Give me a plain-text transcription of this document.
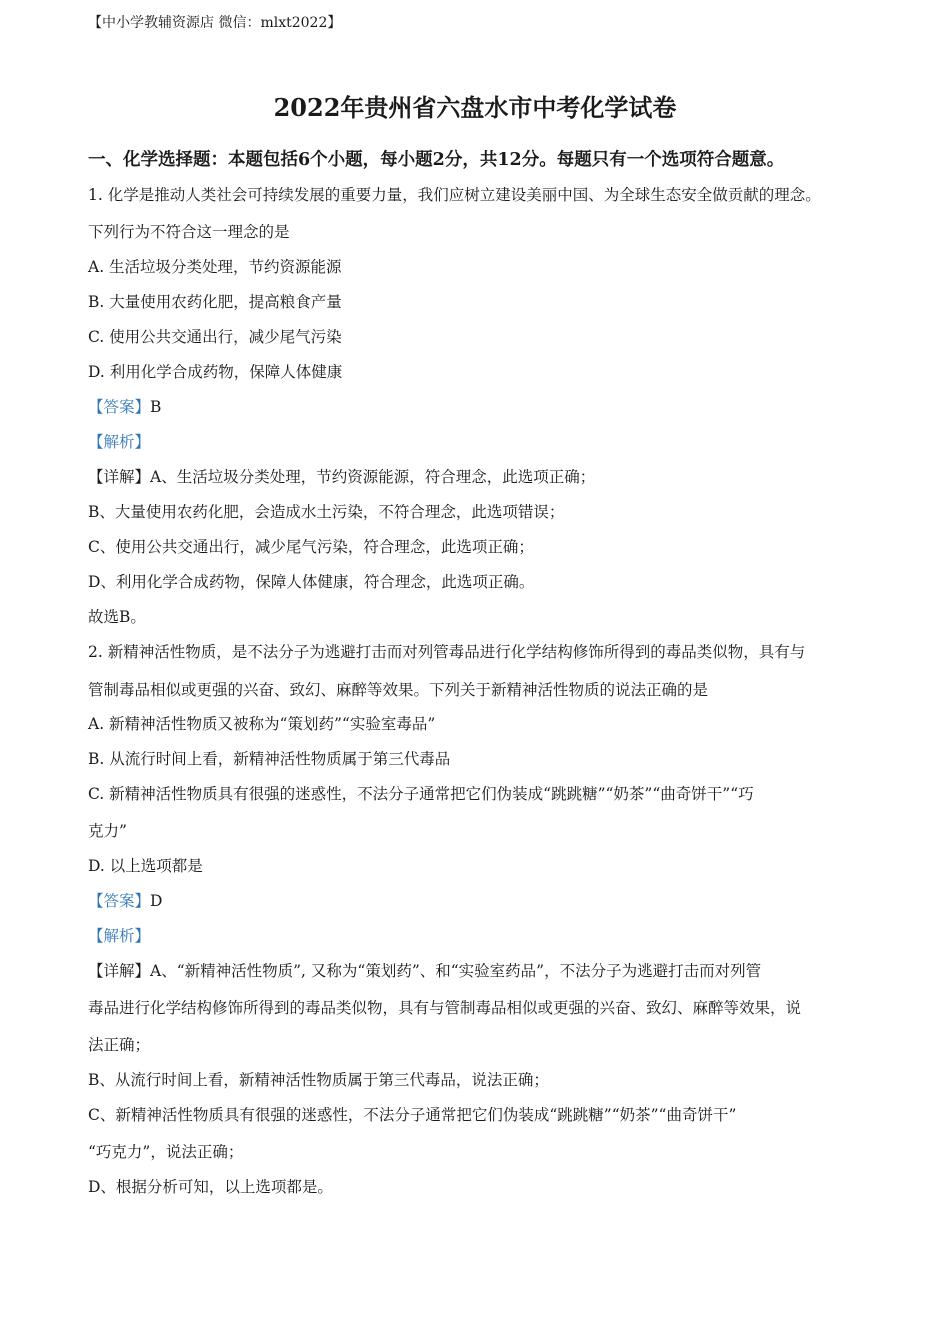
【中小学教辅资源店 微信：mlxt2022】
2022年贵州省六盘水市中考化学试卷
一、化学选择题：本题包括6个小题，每小题2分，共12分。每题只有一个选项符合题意。
1. 化学是推动人类社会可持续发展的重要力量，我们应树立建设美丽中国、为全球生态安全做贡献的理念。
下列行为不符合这一理念的是
A. 生活垃圾分类处理，节约资源能源
B. 大量使用农药化肥，提高粮食产量
C. 使用公共交通出行，减少尾气污染
D. 利用化学合成药物，保障人体健康
【答案】B
【解析】
【详解】A、生活垃圾分类处理，节约资源能源，符合理念，此选项正确；
B、大量使用农药化肥，会造成水土污染，不符合理念，此选项错误；
C、使用公共交通出行，减少尾气污染，符合理念，此选项正确；
D、利用化学合成药物，保障人体健康，符合理念，此选项正确。
故选B。
2. 新精神活性物质，是不法分子为逃避打击而对列管毒品进行化学结构修饰所得到的毒品类似物，具有与
管制毒品相似或更强的兴奋、致幻、麻醉等效果。下列关于新精神活性物质的说法正确的是
A. 新精神活性物质又被称为“策划药”“实验室毒品”
B. 从流行时间上看，新精神活性物质属于第三代毒品
C. 新精神活性物质具有很强的迷惑性，不法分子通常把它们伪装成“跳跳糖”“奶茶”“曲奇饼干”“巧
克力”
D. 以上选项都是
【答案】D
【解析】
【详解】A、“新精神活性物质”, 又称为“策划药”、和“实验室药品”，不法分子为逃避打击而对列管
毒品进行化学结构修饰所得到的毒品类似物，具有与管制毒品相似或更强的兴奋、致幻、麻醉等效果，说
法正确；
B、从流行时间上看，新精神活性物质属于第三代毒品，说法正确；
C、新精神活性物质具有很强的迷惑性，不法分子通常把它们伪装成“跳跳糖”“奶茶”“曲奇饼干”
“巧克力”，说法正确；
D、根据分析可知，以上选项都是。
